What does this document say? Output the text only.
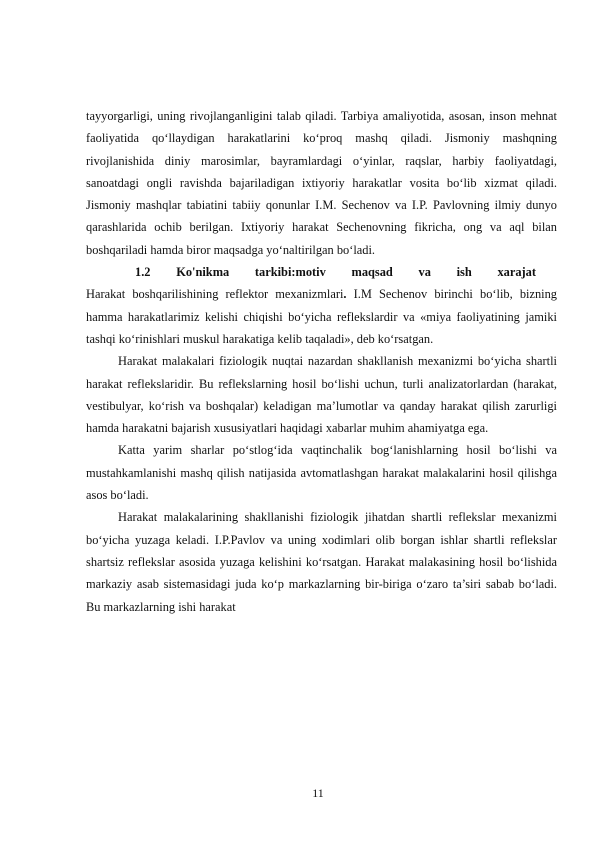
tayyorgarligi, uning rivojlanganligini talab qiladi. Tarbiya amaliyotida, asosan, inson mehnat faoliyatida qoʻllaydigan harakatlarini koʻproq mashq qiladi. Jismoniy mashqning rivojlanishida diniy marosimlar, bayramlardagi oʻyinlar, raqslar, harbiy faoliyatdagi, sanoatdagi ongli ravishda bajariladigan ixtiyoriy harakatlar vosita boʻlib xizmat qiladi. Jismoniy mashqlar tabiatini tabiiy qonunlar I.M. Sechenov va I.P. Pavlovning ilmiy dunyo qarashlarida ochib berilgan. Ixtiyoriy harakat Sechenovning fikricha, ong va aql bilan boshqariladi hamda biror maqsadga yoʻnaltirilgan boʻladi.

1.2 Ko'nikma tarkibi:motiv maqsad va ish xarajat

Harakat boshqarilishining reflektor mexanizmlari. I.M Sechenov birinchi bo‘lib, bizning hamma harakatlarimiz kelishi chiqishi bo‘yicha reflekslardir va «miya faoliyatining jamiki tashqi ko‘rinishlari muskul harakatiga kelib taqaladi», deb ko‘rsatgan.

Harakat malakalari fiziologik nuqtai nazardan shakllanish mexanizmi bo‘yicha shartli harakat reflekslaridir. Bu reflekslarning hosil bo‘lishi uchun, turli analizatorlardan (harakat, vestibulyar, ko‘rish va boshqalar) keladigan ma’lumotlar va qanday harakat qilish zarurligi hamda harakatni bajarish xususiyatlari haqidagi xabarlar muhim ahamiyatga ega.

Katta yarim sharlar po‘stlog‘ida vaqtinchalik bog‘lanishlarning hosil bo‘lishi va mustahkamlanishi mashq qilish natijasida avtomatlashgan harakat malakalarini hosil qilishga asos bo‘ladi.

Harakat malakalarining shakllanishi fiziologik jihatdan shartli reflekslar mexanizmi bo‘yicha yuzaga keladi. I.P.Pavlov va uning xodimlari olib borgan ishlar shartli reflekslar shartsiz reflekslar asosida yuzaga kelishini ko‘rsatgan. Harakat malakasining hosil bo‘lishida markaziy asab sistemasidagi juda ko‘p markazlarning bir-biriga o‘zaro ta’siri sabab bo‘ladi. Bu markazlarning ishi harakat

11
